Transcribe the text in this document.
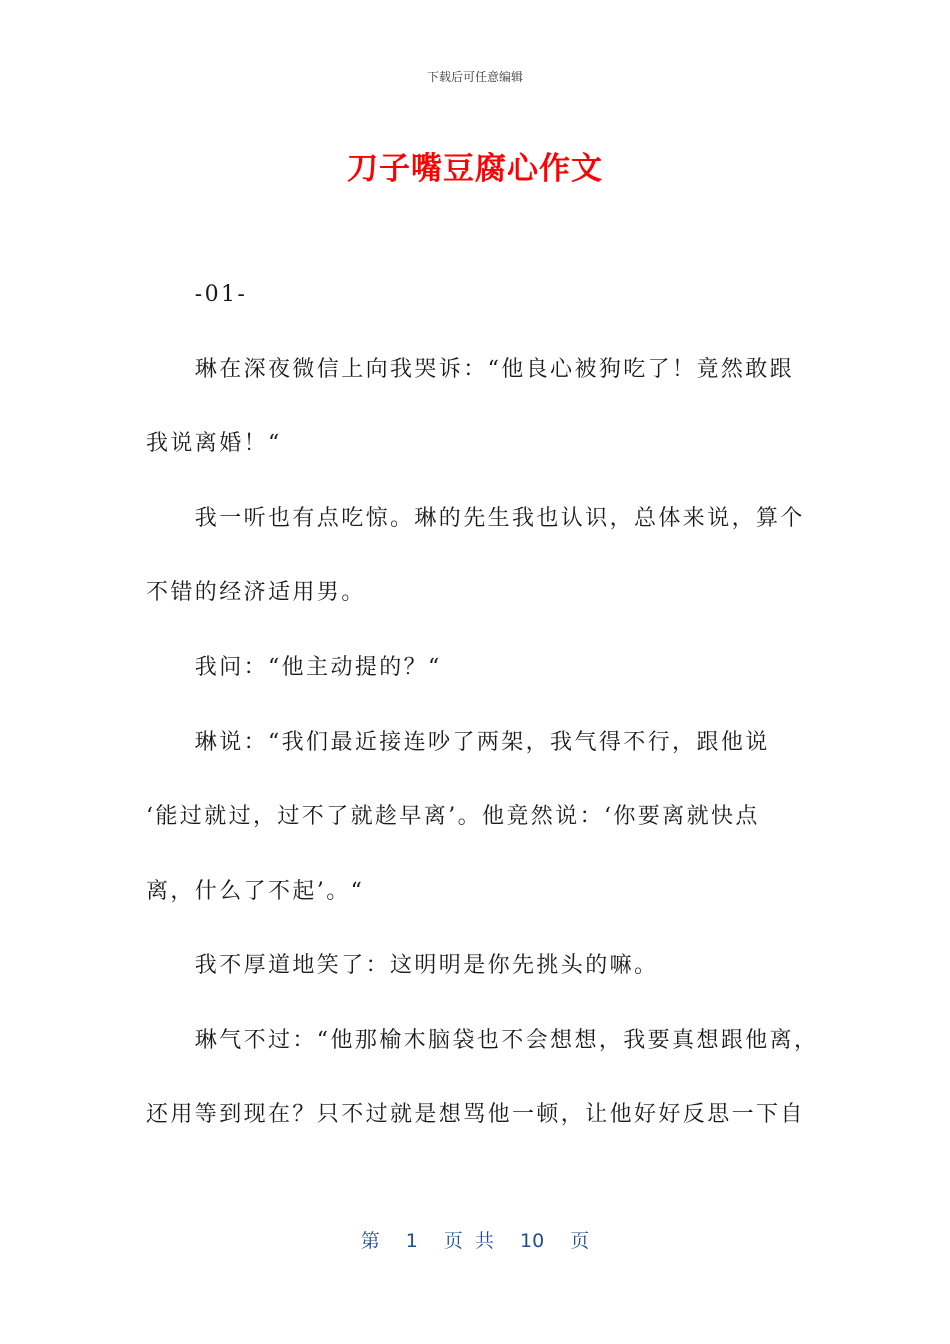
下载后可任意编辑
刀子嘴豆腐心作文
　　-01-
　　琳在深夜微信上向我哭诉：“他良心被狗吃了！竟然敢跟
我说离婚！“
　　我一听也有点吃惊。琳的先生我也认识，总体来说，算个
不错的经济适用男。
　　我问：“他主动提的？“
　　琳说：“我们最近接连吵了两架，我气得不行，跟他说
‘能过就过，过不了就趁早离’。他竟然说：‘你要离就快点
离，什么了不起’。“
　　我不厚道地笑了：这明明是你先挑头的嘛。
　　琳气不过：“他那榆木脑袋也不会想想，我要真想跟他离，
还用等到现在？只不过就是想骂他一顿，让他好好反思一下自
第 1 页 共 10 页
